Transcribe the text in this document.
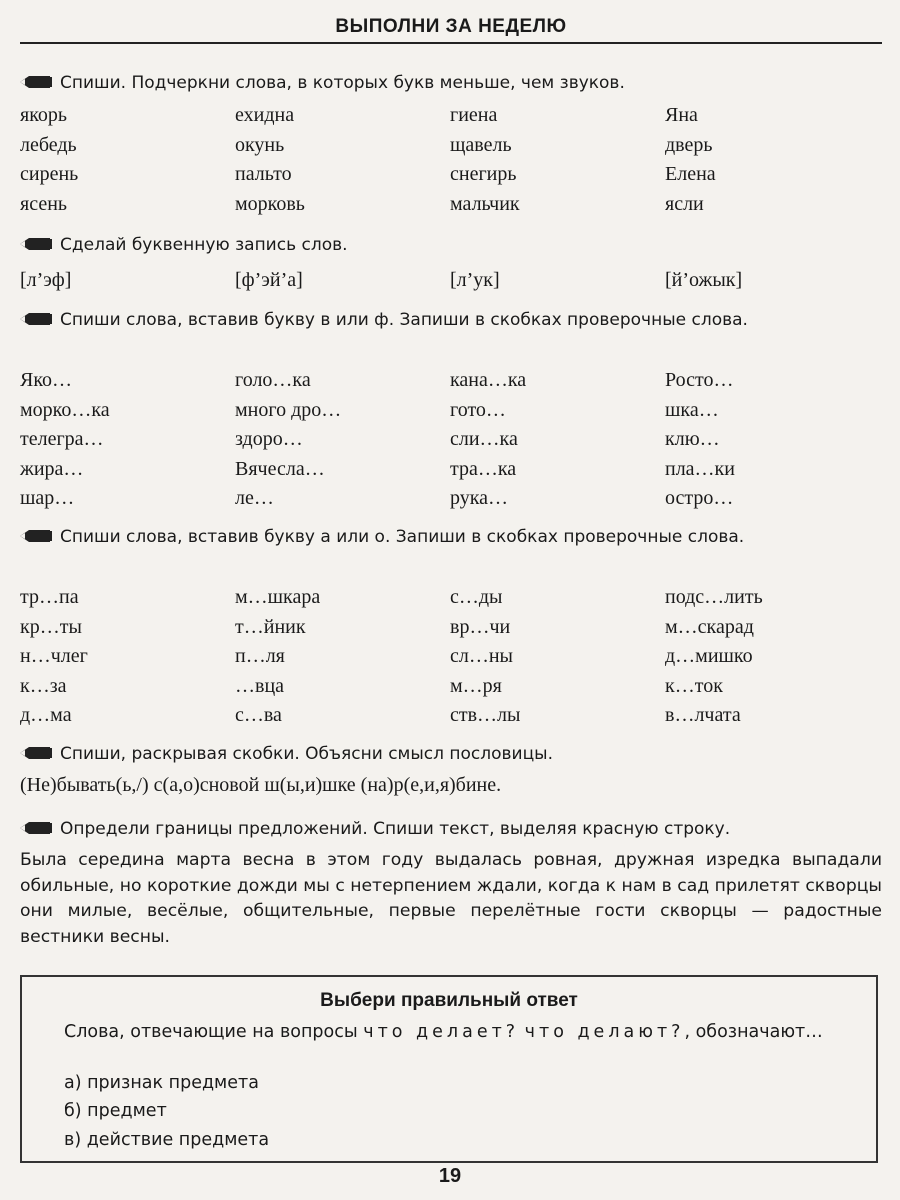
ВЫПОЛНИ ЗА НЕДЕЛЮ
Спиши. Подчеркни слова, в которых букв меньше, чем звуков.
якорь	ехидна	гиена	Яна
лебедь	окунь	щавель	дверь
сирень	пальто	снегирь	Елена
ясень	морковь	мальчик	ясли
Сделай буквенную запись слов.
[л’эф]	[ф’эй’а]	[л’ук]	[й’ожык]
Спиши слова, вставив букву в или ф. Запиши в скобках проверочные слова.
Яко…	голо…ка	кана…ка	Росто…
морко…ка	много дро…	гото…	шка…
телегра…	здоро…	сли…ка	клю…
жира…	Вячесла…	тра…ка	пла…ки
шар…	ле…	рука…	остро…
Спиши слова, вставив букву а или о. Запиши в скобках проверочные слова.
тр…па	м…шкара	с…ды	подс…лить
кр…ты	т…йник	вр…чи	м…скарад
н…члег	п…ля	сл…ны	д…мишко
к…за	…вца	м…ря	к…ток
д…ма	с…ва	ств…лы	в…лчата
Спиши, раскрывая скобки. Объясни смысл пословицы.
(Не)бывать(ь,/) с(а,о)сновой ш(ы,и)шке (на)р(е,и,я)бине.
Определи границы предложений. Спиши текст, выделяя красную строку.
Была середина марта весна в этом году выдалась ровная, дружная изредка выпадали обильные, но короткие дожди мы с нетерпением ждали, когда к нам в сад прилетят скворцы они милые, весёлые, общительные, первые перелётные гости скворцы — радостные вестники весны.
Выбери правильный ответ
Слова, отвечающие на вопросы что делает? что делают?, обозначают…
а) признак предмета
б) предмет
в) действие предмета
19
